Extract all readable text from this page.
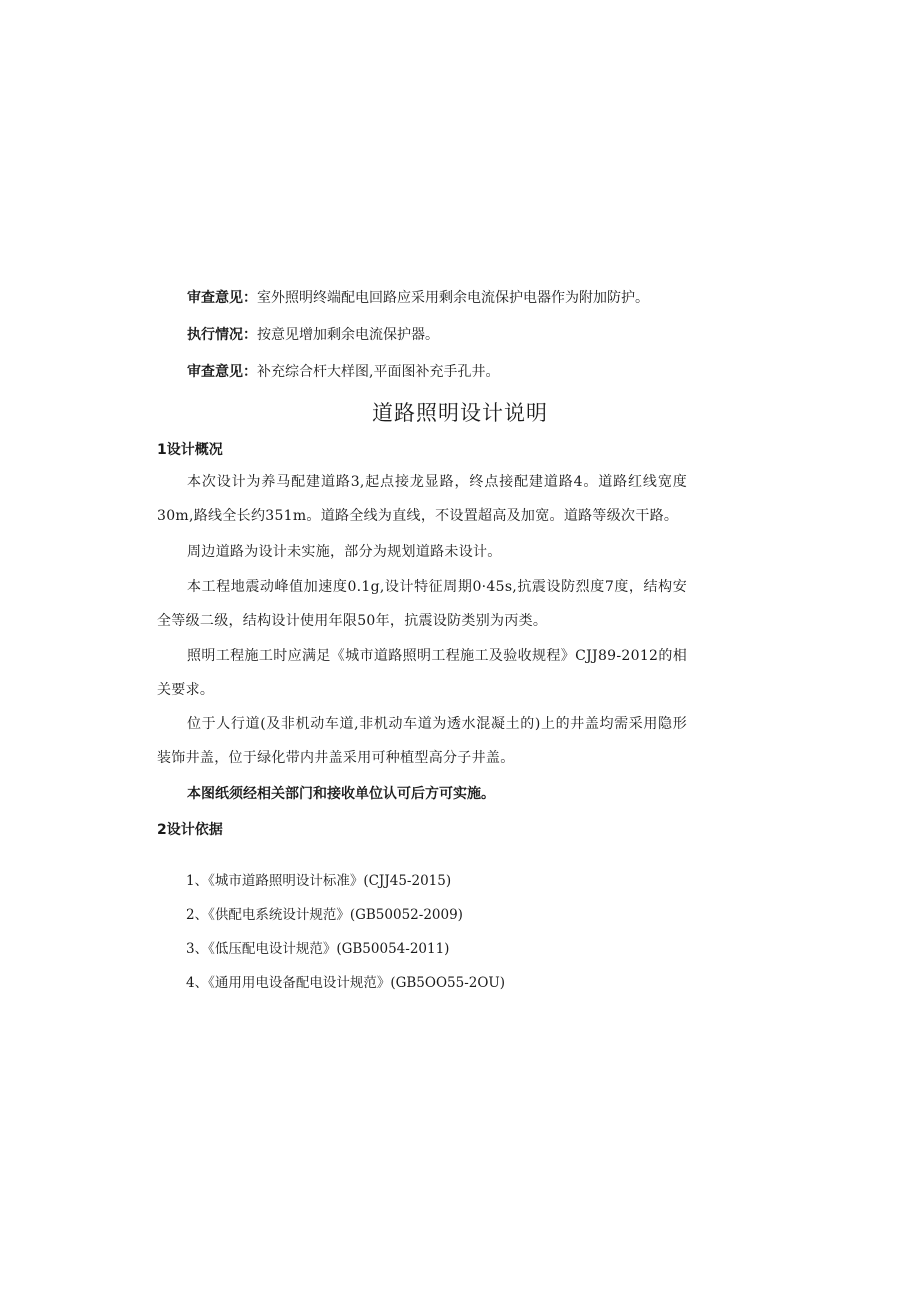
审查意见：室外照明终端配电回路应采用剩余电流保护电器作为附加防护。
执行情况：按意见增加剩余电流保护器。
审查意见：补充综合杆大样图,平面图补充手孔井。
道路照明设计说明
1设计概况
本次设计为养马配建道路3,起点接龙显路，终点接配建道路4。道路红线宽度30m,路线全长约351m。道路全线为直线，不设置超高及加宽。道路等级次干路。
周边道路为设计未实施，部分为规划道路未设计。
本工程地震动峰值加速度0.1g,设计特征周期0·45s,抗震设防烈度7度，结构安全等级二级，结构设计使用年限50年，抗震设防类别为丙类。
照明工程施工时应满足《城市道路照明工程施工及验收规程》CJJ89-2012的相关要求。
位于人行道(及非机动车道,非机动车道为透水混凝土的)上的井盖均需采用隐形装饰井盖，位于绿化带内井盖采用可种植型高分子井盖。
本图纸须经相关部门和接收单位认可后方可实施。
2设计依据
1、《城市道路照明设计标准》(CJJ45-2015)
2、《供配电系统设计规范》(GB50052-2009)
3、《低压配电设计规范》(GB50054-2011)
4、《通用用电设备配电设计规范》(GB5OO55-2OU)
